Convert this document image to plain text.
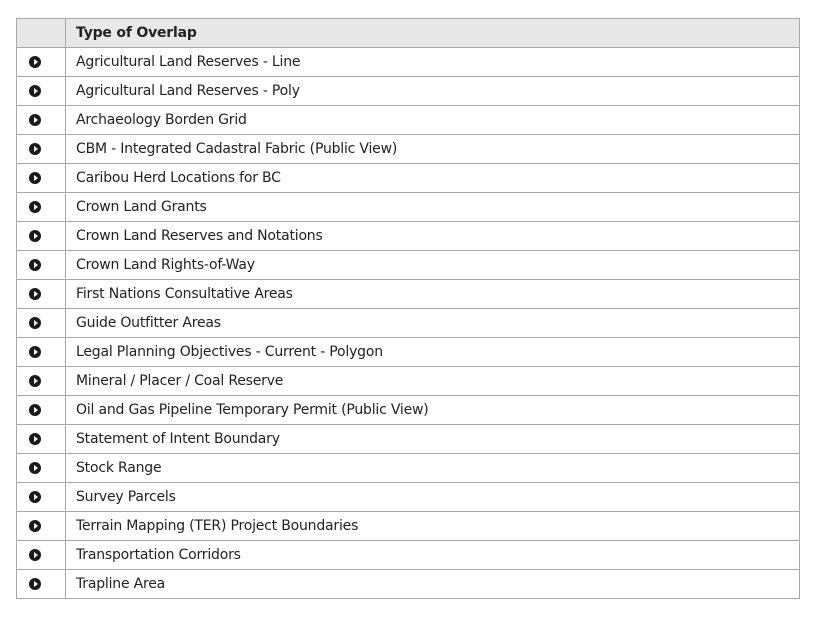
	Type of Overlap
	Agricultural Land Reserves - Line
	Agricultural Land Reserves - Poly
	Archaeology Borden Grid
	CBM - Integrated Cadastral Fabric (Public View)
	Caribou Herd Locations for BC
	Crown Land Grants
	Crown Land Reserves and Notations
	Crown Land Rights-of-Way
	First Nations Consultative Areas
	Guide Outfitter Areas
	Legal Planning Objectives - Current - Polygon
	Mineral / Placer / Coal Reserve
	Oil and Gas Pipeline Temporary Permit (Public View)
	Statement of Intent Boundary
	Stock Range
	Survey Parcels
	Terrain Mapping (TER) Project Boundaries
	Transportation Corridors
	Trapline Area
